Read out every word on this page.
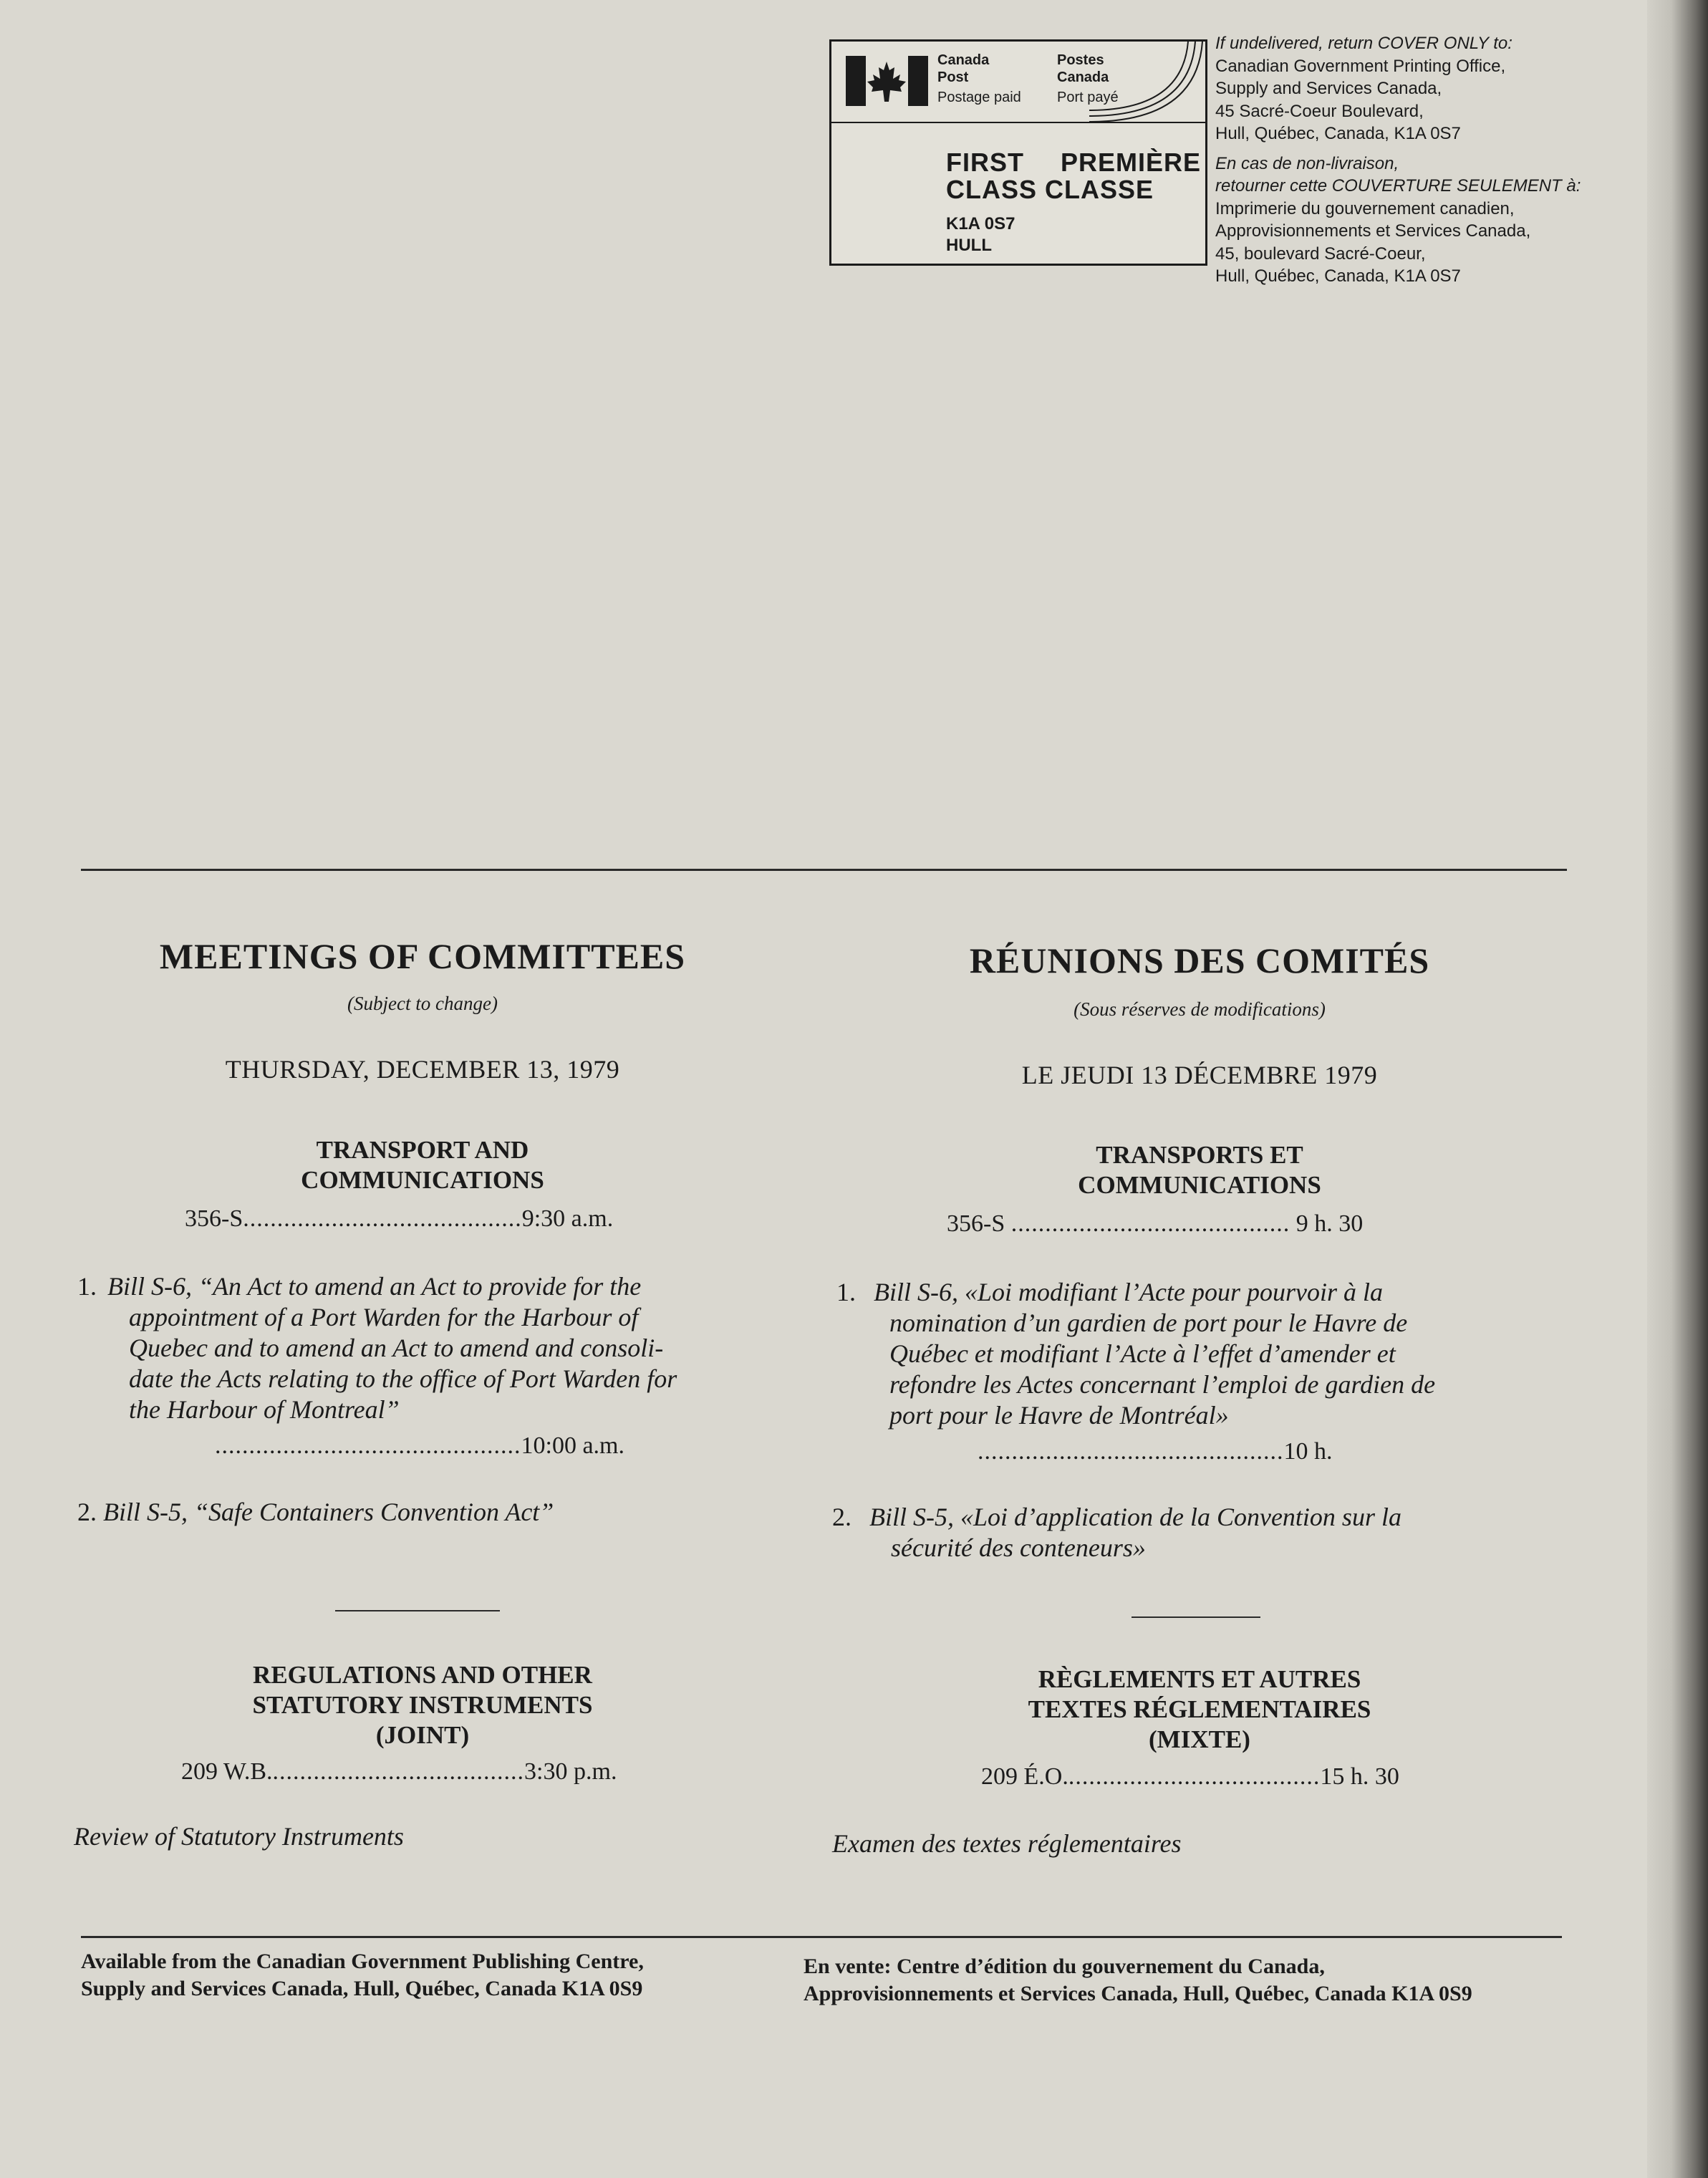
Canada
Post
Postes
Canada
Postage paid	Port payé
FIRST PREMIÈRE
CLASS CLASSE
K1A 0S7
HULL
If undelivered, return COVER ONLY to:
Canadian Government Printing Office,
Supply and Services Canada,
45 Sacré-Coeur Boulevard,
Hull, Québec, Canada, K1A 0S7
En cas de non-livraison,
retourner cette COUVERTURE SEULEMENT à:
Imprimerie du gouvernement canadien,
Approvisionnements et Services Canada,
45, boulevard Sacré-Coeur,
Hull, Québec, Canada, K1A 0S7
MEETINGS OF COMMITTEES
(Subject to change)
THURSDAY, DECEMBER 13, 1979
TRANSPORT AND
COMMUNICATIONS
356-S.........................................9:30 a.m.
1. Bill S-6, “An Act to amend an Act to provide for the
appointment of a Port Warden for the Harbour of
Quebec and to amend an Act to amend and consoli-
date the Acts relating to the office of Port Warden for
the Harbour of Montreal”
.............................................10:00 a.m.
2. Bill S-5, “Safe Containers Convention Act”
REGULATIONS AND OTHER
STATUTORY INSTRUMENTS
(JOINT)
209 W.B......................................3:30 p.m.
Review of Statutory Instruments
RÉUNIONS DES COMITÉS
(Sous réserves de modifications)
LE JEUDI 13 DÉCEMBRE 1979
TRANSPORTS ET
COMMUNICATIONS
356-S ......................................... 9 h. 30
1. Bill S-6, «Loi modifiant l’Acte pour pourvoir à la
nomination d’un gardien de port pour le Havre de
Québec et modifiant l’Acte à l’effet d’amender et
refondre les Actes concernant l’emploi de gardien de
port pour le Havre de Montréal»
.............................................10 h.
2. Bill S-5, «Loi d’application de la Convention sur la
sécurité des conteneurs»
RÈGLEMENTS ET AUTRES
TEXTES RÉGLEMENTAIRES
(MIXTE)
209 É.O......................................15 h. 30
Examen des textes réglementaires
Available from the Canadian Government Publishing Centre,
Supply and Services Canada, Hull, Québec, Canada K1A 0S9
En vente: Centre d’édition du gouvernement du Canada,
Approvisionnements et Services Canada, Hull, Québec, Canada K1A 0S9
